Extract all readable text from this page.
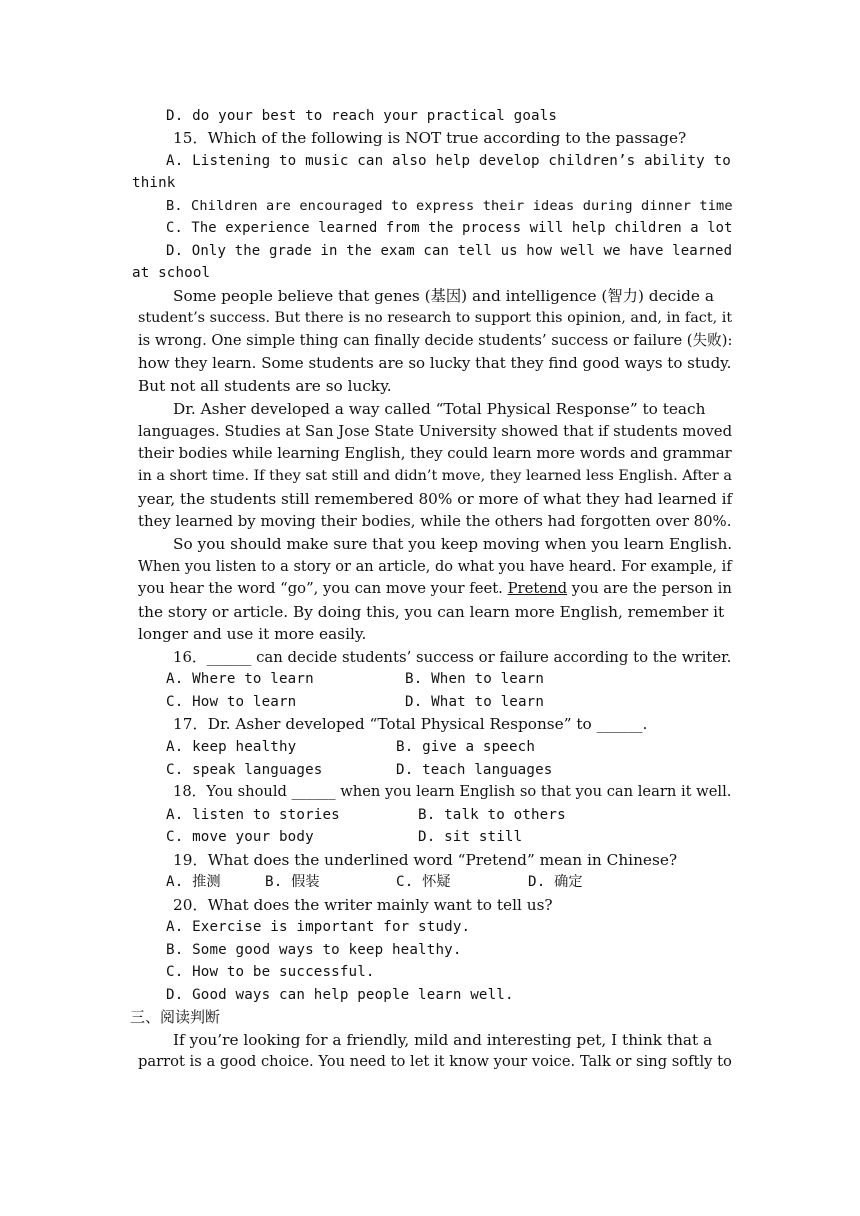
D. do your best to reach your practical goals
15．Which of the following is NOT true according to the passage?
A. Listening to music can also help develop children’s ability to
think
B. Children are encouraged to express their ideas during dinner time
C. The experience learned from the process will help children a lot
D. Only the grade in the exam can tell us how well we have learned
at school
Some people believe that genes (基因) and intelligence (智力) decide a
student’s success. But there is no research to support this opinion, and, in fact, it
is wrong. One simple thing can finally decide students’ success or failure (失败):
how they learn. Some students are so lucky that they find good ways to study.
But not all students are so lucky.
Dr. Asher developed a way called “Total Physical Response” to teach
languages. Studies at San Jose State University showed that if students moved
their bodies while learning English, they could learn more words and grammar
in a short time. If they sat still and didn’t move, they learned less English. After a
year, the students still remembered 80% or more of what they had learned if
they learned by moving their bodies, while the others had forgotten over 80%.
So you should make sure that you keep moving when you learn English.
When you listen to a story or an article, do what you have heard. For example, if
you hear the word “go”, you can move your feet. Pretend you are the person in
the story or article. By doing this, you can learn more English, remember it
longer and use it more easily.
16．______ can decide students’ success or failure according to the writer.
A. Where to learn	B. When to learn
C. How to learn	D. What to learn
17．Dr. Asher developed “Total Physical Response” to ______.
A. keep healthy	B. give a speech
C. speak languages	D. teach languages
18．You should ______ when you learn English so that you can learn it well.
A. listen to stories	B. talk to others
C. move your body	D. sit still
19．What does the underlined word “Pretend” mean in Chinese?
A. 推测	B. 假装	C. 怀疑	D. 确定
20．What does the writer mainly want to tell us?
A. Exercise is important for study.
B. Some good ways to keep healthy.
C. How to be successful.
D. Good ways can help people learn well.
三、阅读判断
If you’re looking for a friendly, mild and interesting pet, I think that a
parrot is a good choice. You need to let it know your voice. Talk or sing softly to
